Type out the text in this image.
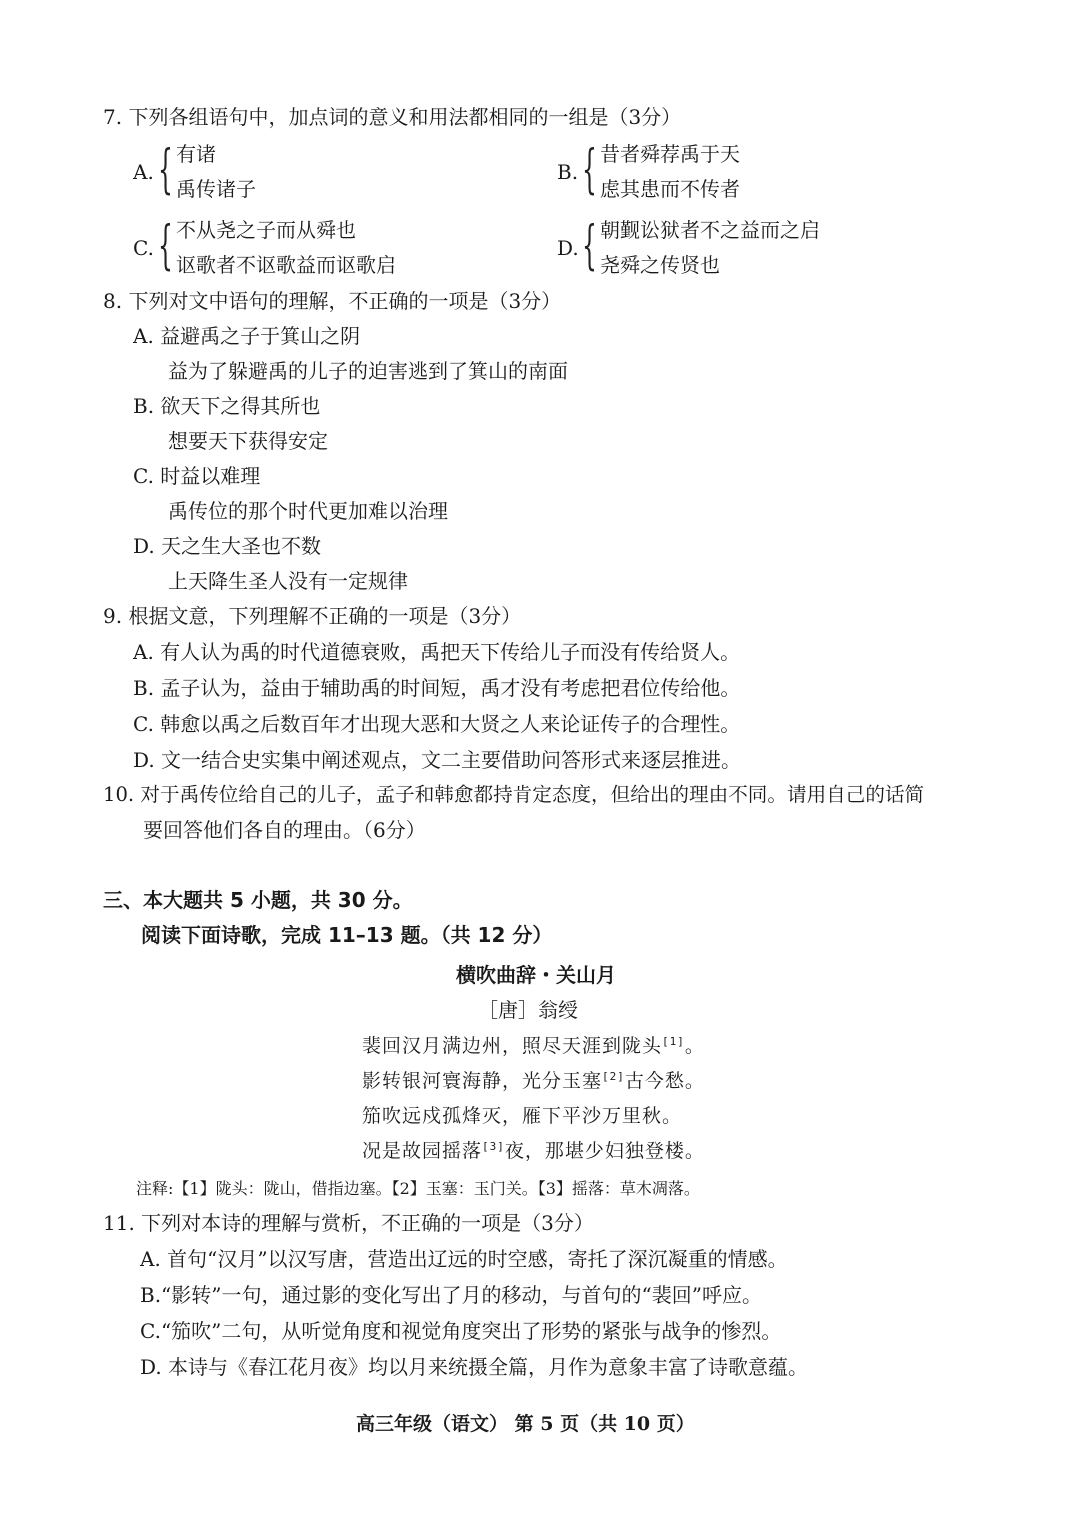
7. 下列各组语句中，加点词的意义和用法都相同的一组是（3分）
A. { 有诸
禹传诸子
B. { 昔者舜荐禹于天
虑其患而不传者
C. { 不从尧之子而从舜也
讴歌者不讴歌益而讴歌启
D. { 朝觐讼狱者不之益而之启
尧舜之传贤也
8. 下列对文中语句的理解，不正确的一项是（3分）
A. 益避禹之子于箕山之阴
益为了躲避禹的儿子的迫害逃到了箕山的南面
B. 欲天下之得其所也
想要天下获得安定
C. 时益以难理
禹传位的那个时代更加难以治理
D. 天之生大圣也不数
上天降生圣人没有一定规律
9. 根据文意，下列理解不正确的一项是（3分）
A. 有人认为禹的时代道德衰败，禹把天下传给儿子而没有传给贤人。
B. 孟子认为，益由于辅助禹的时间短，禹才没有考虑把君位传给他。
C. 韩愈以禹之后数百年才出现大恶和大贤之人来论证传子的合理性。
D. 文一结合史实集中阐述观点，文二主要借助问答形式来逐层推进。
10. 对于禹传位给自己的儿子，孟子和韩愈都持肯定态度，但给出的理由不同。请用自己的话简
要回答他们各自的理由。（6分）
三、本大题共 5 小题，共 30 分。
阅读下面诗歌，完成 11–13 题。（共 12 分）
横吹曲辞・关山月
［唐］翁绶
裴回汉月满边州，照尽天涯到陇头[1]。
影转银河寰海静，光分玉塞[2]古今愁。
笳吹远戍孤烽灭，雁下平沙万里秋。
况是故园摇落[3]夜，那堪少妇独登楼。
注释:【1】陇头：陇山，借指边塞。【2】玉塞：玉门关。【3】摇落：草木凋落。
11. 下列对本诗的理解与赏析，不正确的一项是（3分）
A. 首句“汉月”以汉写唐，营造出辽远的时空感，寄托了深沉凝重的情感。
B.“影转”一句，通过影的变化写出了月的移动，与首句的“裴回”呼应。
C.“笳吹”二句，从听觉角度和视觉角度突出了形势的紧张与战争的惨烈。
D. 本诗与《春江花月夜》均以月来统摄全篇，月作为意象丰富了诗歌意蕴。
高三年级（语文） 第 5 页（共 10 页）
